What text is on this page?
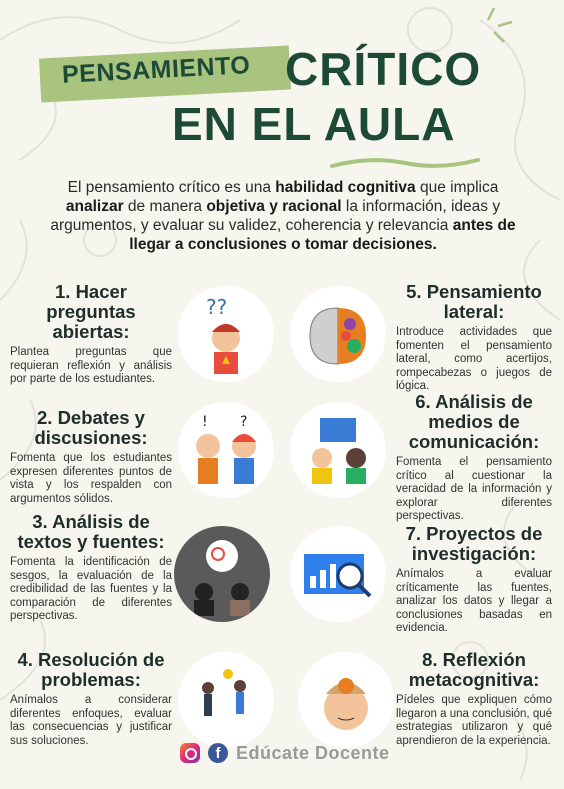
PENSAMIENTO CRÍTICO
EN EL AULA
El pensamiento crítico es una habilidad cognitiva que implica analizar de manera objetiva y racional la información, ideas y argumentos, y evaluar su validez, coherencia y relevancia antes de llegar a conclusiones o tomar decisiones.
1. Hacer preguntas abiertas:

Plantea preguntas que requieran reflexión y análisis por parte de los estudiantes.

2. Debates y discusiones:

Fomenta que los estudiantes expresen diferentes puntos de vista y los respalden con argumentos sólidos.

3. Análisis de textos y fuentes:

Fomenta la identificación de sesgos, la evaluación de la credibilidad de las fuentes y la comparación de diferentes perspectivas.

4. Resolución de problemas:

Anímalos a considerar diferentes enfoques, evaluar las consecuencias y justificar sus soluciones.

5. Pensamiento lateral:

Introduce actividades que fomenten el pensamiento lateral, como acertijos, rompecabezas o juegos de lógica.

6. Análisis de medios de comunicación:

Fomenta el pensamiento crítico al cuestionar la veracidad de la información y explorar diferentes perspectivas.

7. Proyectos de investigación:

Anímalos a evaluar críticamente las fuentes, analizar los datos y llegar a conclusiones basadas en evidencia.

8. Reflexión metacognitiva:

Pídeles que expliquen cómo llegaron a una conclusión, qué estrategias utilizaron y qué aprendieron de la experiencia.

??
! ?
f Edúcate Docente
